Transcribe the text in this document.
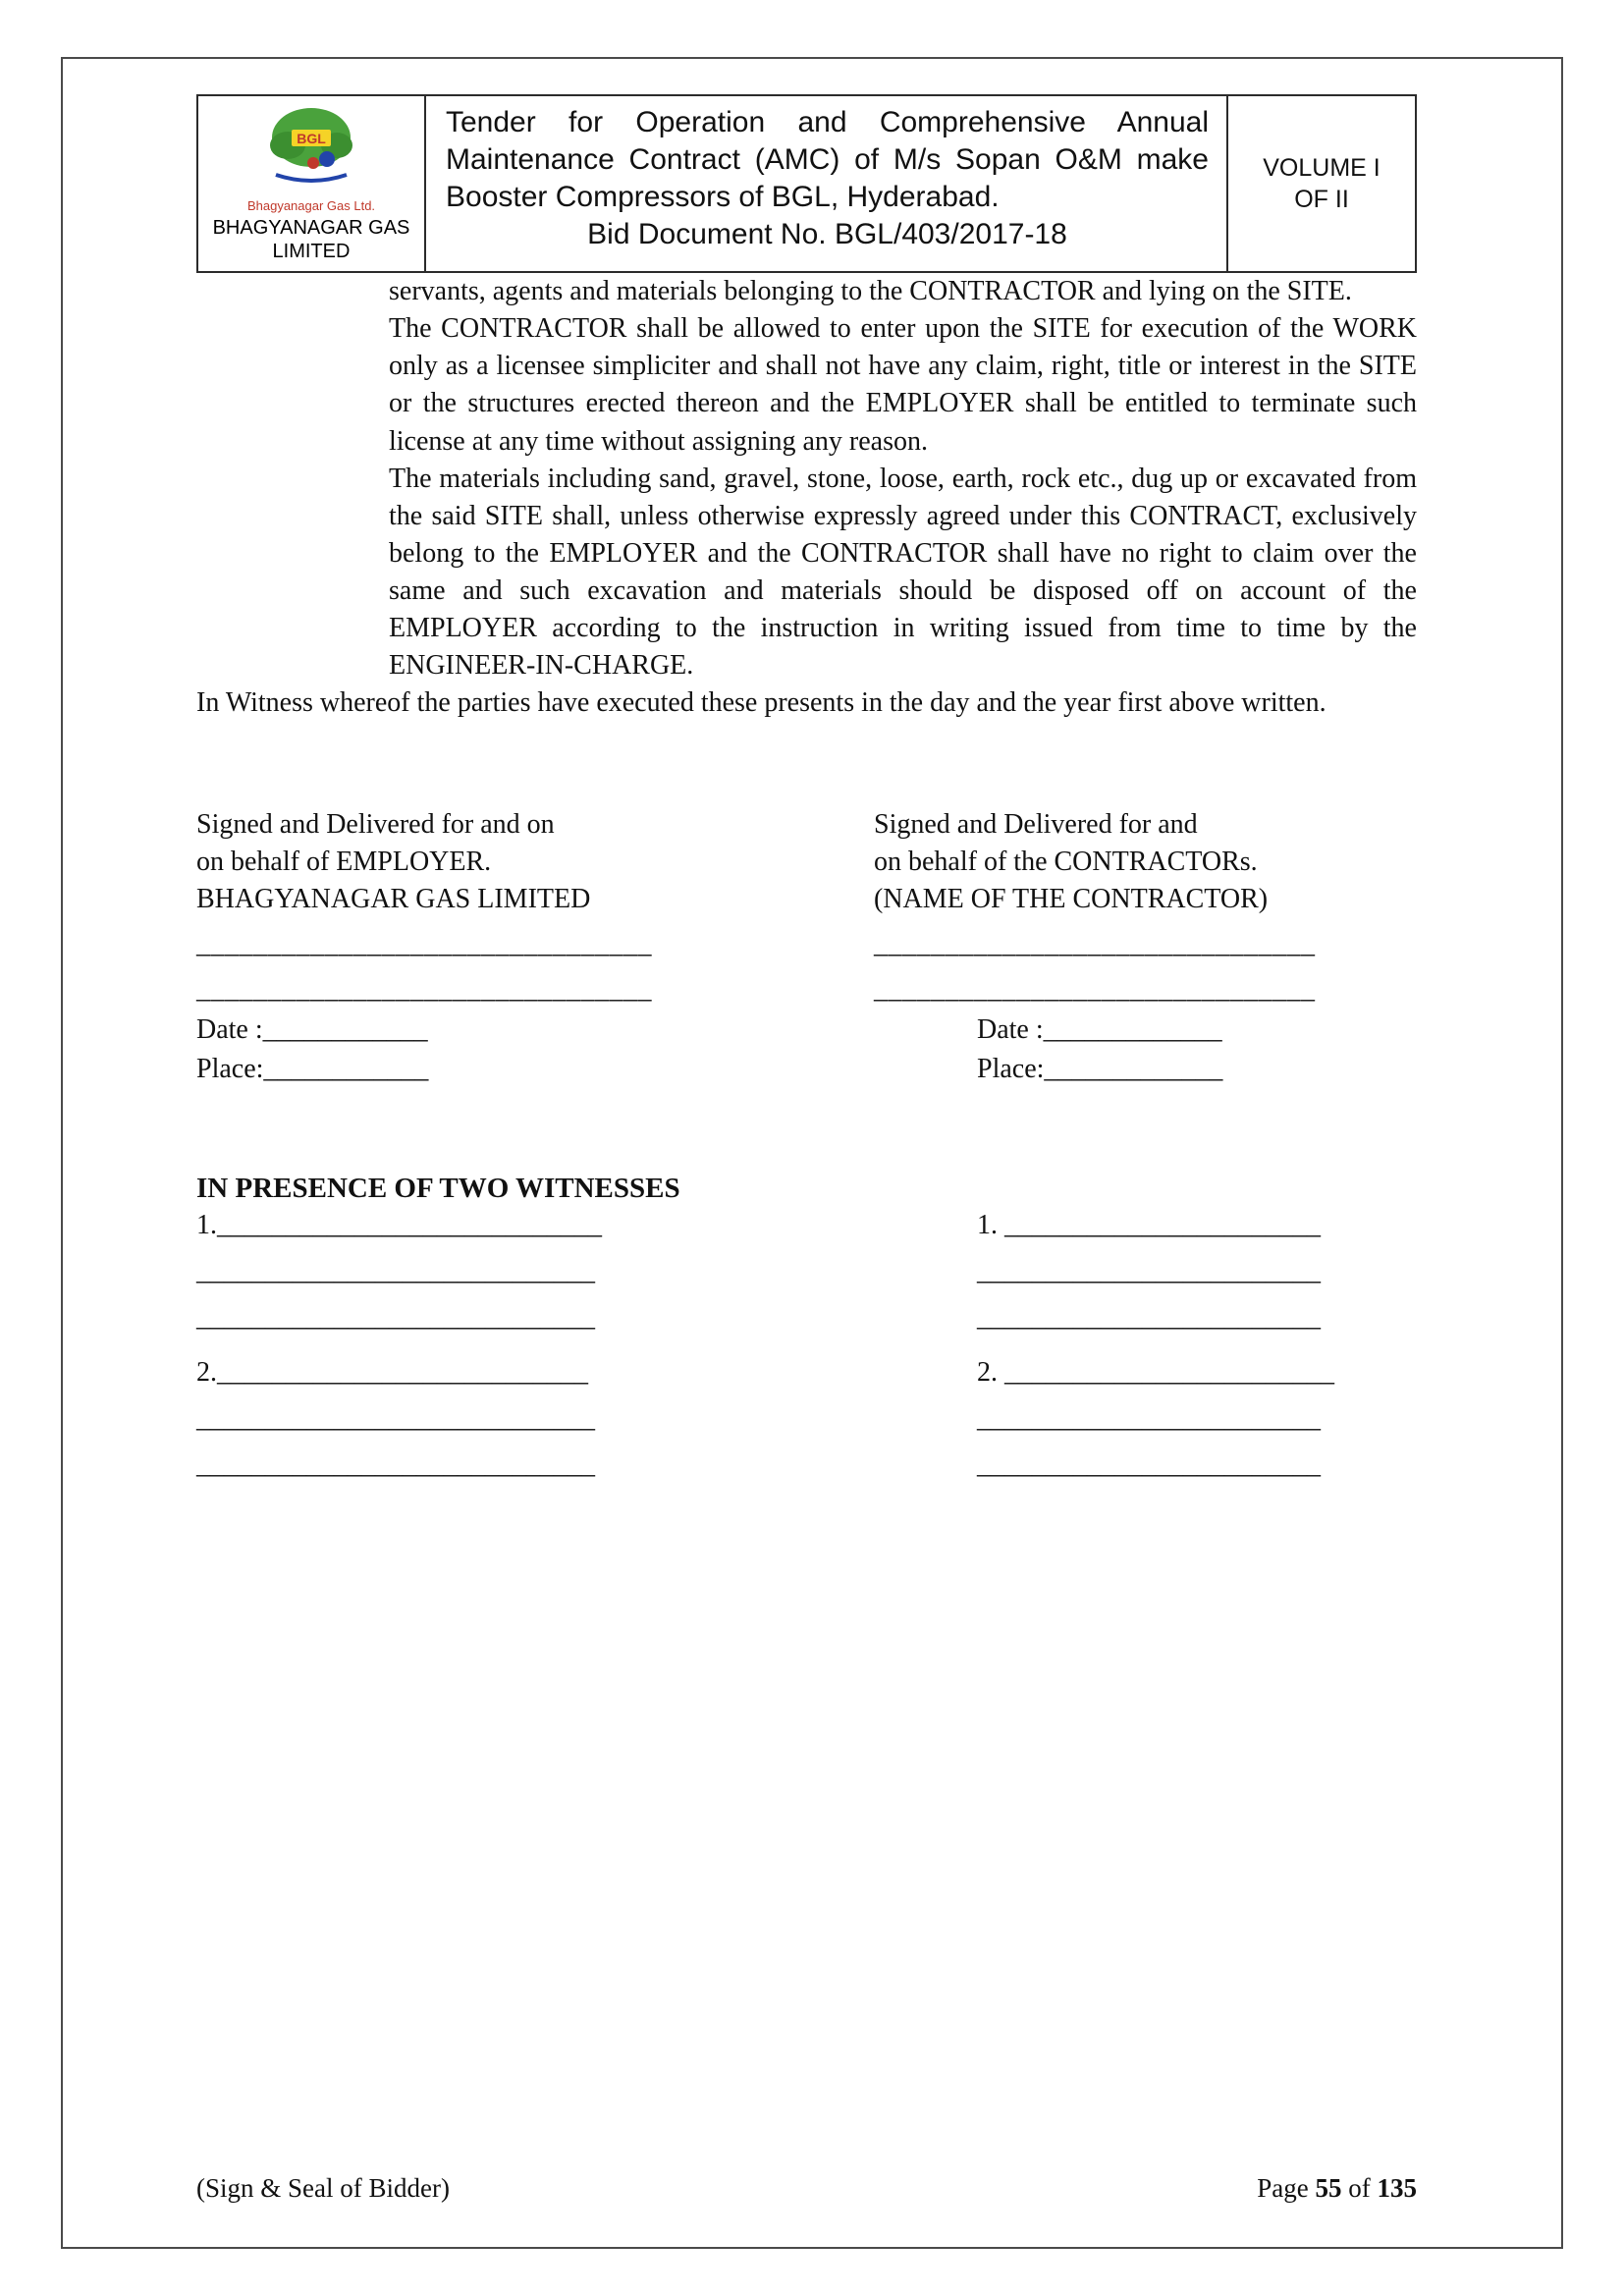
BGL
Bhagyanagar Gas Ltd.
BHAGYANAGAR GAS
LIMITED
Tender for Operation and Comprehensive Annual Maintenance Contract (AMC) of M/s Sopan O&M make Booster Compressors of BGL, Hyderabad.
Bid Document No. BGL/403/2017-18
VOLUME I
OF II

servants, agents and materials belonging to the CONTRACTOR and lying on the SITE.

The CONTRACTOR shall be allowed to enter upon the SITE for execution of the WORK only as a licensee simpliciter and shall not have any claim, right, title or interest in the SITE or the structures erected thereon and the EMPLOYER shall be entitled to terminate such license at any time without assigning any reason.

The materials including sand, gravel, stone, loose, earth, rock etc., dug up or excavated from the said SITE shall, unless otherwise expressly agreed under this CONTRACT, exclusively belong to the EMPLOYER and the CONTRACTOR shall have no right to claim over the same and such excavation and materials should be disposed off on account of the EMPLOYER according to the instruction in writing issued from time to time by the ENGINEER-IN-CHARGE.

In Witness whereof the parties have executed these presents in the day and the year first above written.

Signed and Delivered for and on
on behalf of EMPLOYER.
BHAGYANAGAR GAS LIMITED
________________________________
________________________________
Date :____________
Place:____________
Signed and Delivered for and
on behalf of the CONTRACTORs.
(NAME OF THE CONTRACTOR)
_______________________________
_______________________________
Date :_____________
Place:_____________
IN PRESENCE OF TWO WITNESSES
1.____________________________
_____________________________
_____________________________
2.___________________________
_____________________________
_____________________________
1. _______________________
_________________________
_________________________
2. ________________________
_________________________
_________________________
(Sign & Seal of Bidder)	Page 55 of 135
